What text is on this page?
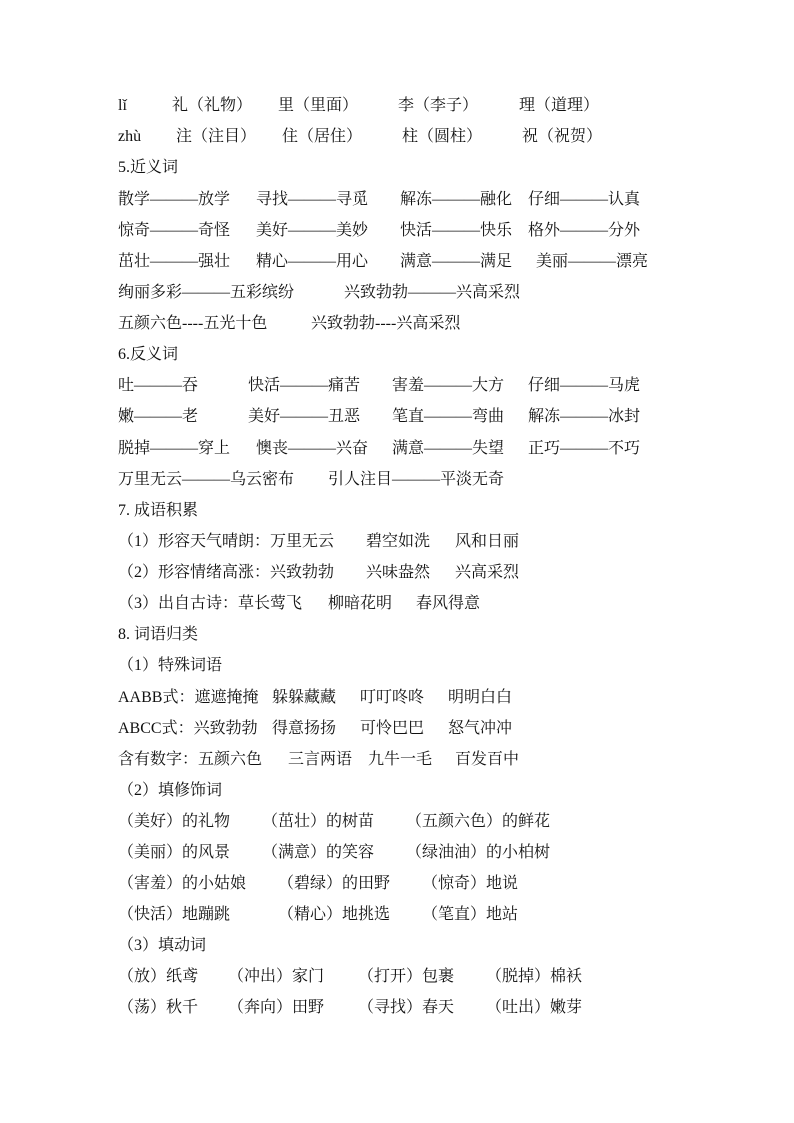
lǐ	礼（礼物） 里（里面） 李（李子）	理（道理）
zhù 注（注目） 住（居住） 柱（圆柱） 祝（祝贺）
5.近义词
散学———放学 寻找———寻觅 解冻———融化 仔细———认真
惊奇———奇怪 美好———美妙 快活———快乐 格外———分外
茁壮———强壮 精心———用心 满意———满足 美丽———漂亮
绚丽多彩———五彩缤纷	兴致勃勃———兴高采烈
五颜六色----五光十色	兴致勃勃----兴高采烈
6.反义词
吐———吞	快活———痛苦 害羞———大方 仔细———马虎
嫩———老	美好———丑恶 笔直———弯曲 解冻———冰封
脱掉———穿上 懊丧———兴奋 满意———失望 正巧———不巧
万里无云———乌云密布 引人注目———平淡无奇
7. 成语积累
（1）形容天气晴朗：万里无云 碧空如洗 风和日丽
（2）形容情绪高涨：兴致勃勃 兴味盎然 兴高采烈
（3）出自古诗：草长莺飞 柳暗花明 春风得意
8. 词语归类
（1）特殊词语
AABB式：遮遮掩掩 躲躲藏藏 叮叮咚咚 明明白白
ABCC式：兴致勃勃 得意扬扬 可怜巴巴 怒气冲冲
含有数字：五颜六色 三言两语 九牛一毛 百发百中
（2）填修饰词
（美好）的礼物 （茁壮）的树苗 （五颜六色）的鲜花
（美丽）的风景 （满意）的笑容 （绿油油）的小柏树
（害羞）的小姑娘 （碧绿）的田野 （惊奇）地说
（快活）地蹦跳	（精心）地挑选 （笔直）地站
（3）填动词
（放）纸鸢 （冲出）家门 （打开）包裹 （脱掉）棉袄
（荡）秋千 （奔向）田野 （寻找）春天 （吐出）嫩芽
